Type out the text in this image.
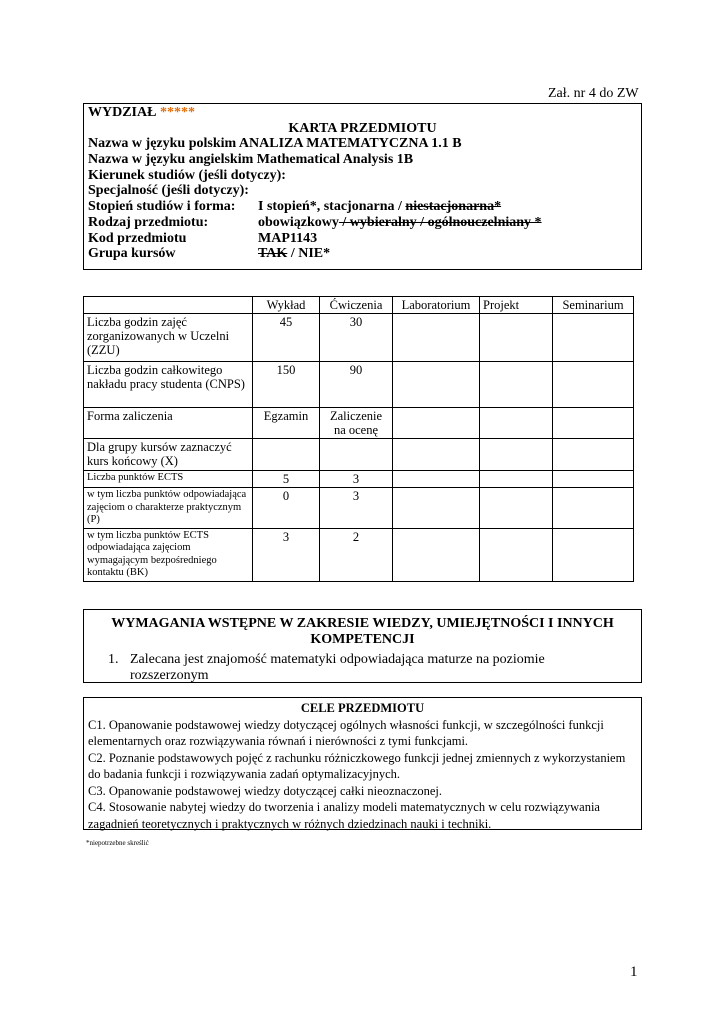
Zał. nr 4 do ZW
WYDZIAŁ *****
KARTA PRZEDMIOTU
Nazwa w języku polskim ANALIZA MATEMATYCZNA 1.1 B
Nazwa w języku angielskim Mathematical Analysis 1B
Kierunek studiów (jeśli dotyczy):
Specjalność (jeśli dotyczy):
Stopień studiów i forma: I stopień*, stacjonarna / niestacjonarna*
Rodzaj przedmiotu:	obowiązkowy / wybieralny / ogólnouczelniany *
Kod przedmiotu	MAP1143
Grupa kursów	TAK / NIE*
	Wykład	Ćwiczenia	Laboratorium	Projekt	Seminarium
Liczba godzin zajęć zorganizowanych w Uczelni (ZZU)	45	30			
Liczba godzin całkowitego nakładu pracy studenta (CNPS)	150	90			
Forma zaliczenia	Egzamin	Zaliczenie na ocenę			
Dla grupy kursów zaznaczyć kurs końcowy (X)					
Liczba punktów ECTS	5	3			
w tym liczba punktów odpowiadająca zajęciom o charakterze praktycznym (P)	0	3			
w tym liczba punktów ECTS odpowiadająca zajęciom wymagającym bezpośredniego kontaktu (BK)	3	2			
WYMAGANIA WSTĘPNE W ZAKRESIE WIEDZY, UMIEJĘTNOŚCI I INNYCH KOMPETENCJI
1. Zalecana jest znajomość matematyki odpowiadająca maturze na poziomie rozszerzonym
CELE PRZEDMIOTU
C1. Opanowanie podstawowej wiedzy dotyczącej ogólnych własności funkcji, w szczególności funkcji elementarnych oraz rozwiązywania równań i nierówności z tymi funkcjami.
C2. Poznanie podstawowych pojęć z rachunku różniczkowego funkcji jednej zmiennych z wykorzystaniem do badania funkcji i rozwiązywania zadań optymalizacyjnych.
C3. Opanowanie podstawowej wiedzy dotyczącej całki nieoznaczonej.
C4. Stosowanie nabytej wiedzy do tworzenia i analizy modeli matematycznych w celu rozwiązywania zagadnień teoretycznych i praktycznych w różnych dziedzinach nauki i techniki.
*niepotrzebne skreślić
1
